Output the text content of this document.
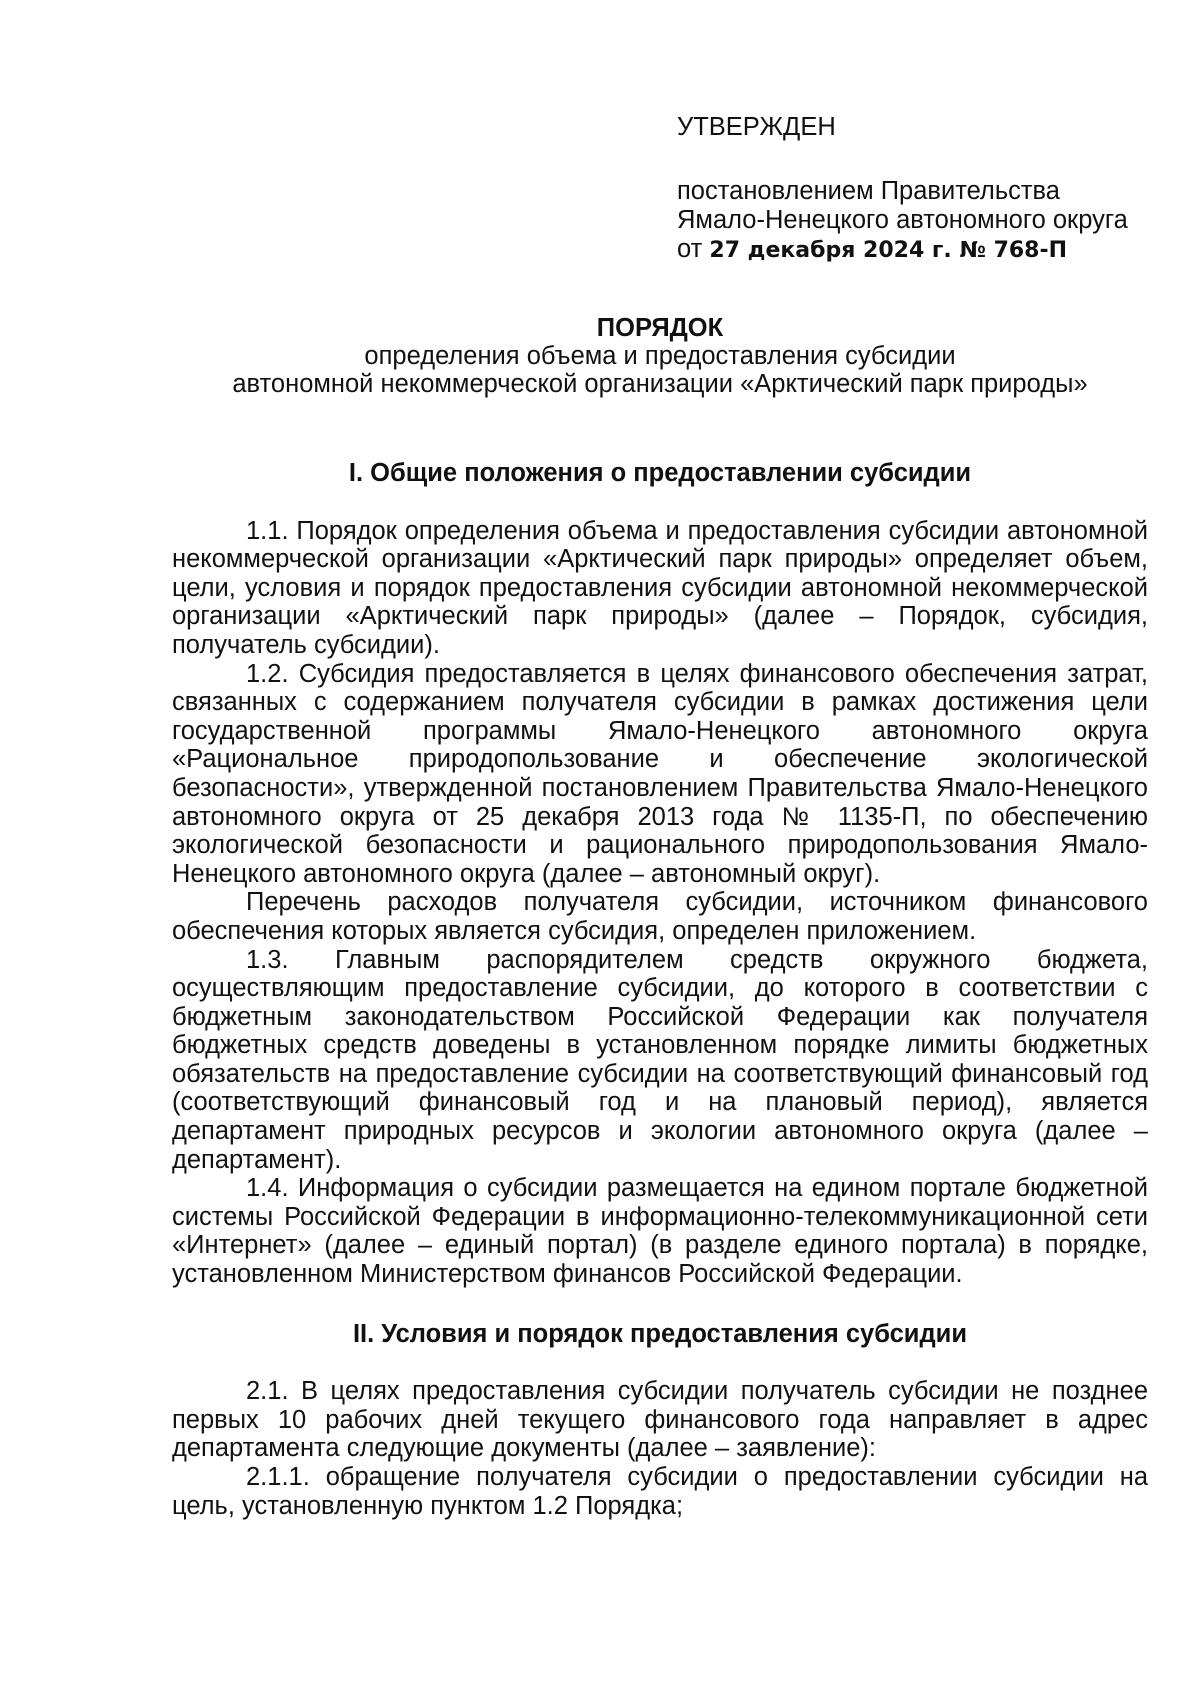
УТВЕРЖДЕН
постановлением Правительства
Ямало-Ненецкого автономного округа
от 27 декабря 2024 г. № 768-П
ПОРЯДОК
определения объема и предоставления субсидии
автономной некоммерческой организации «Арктический парк природы»

I. Общие положения о предоставлении субсидии

1.1. Порядок определения объема и предоставления субсидии автономной некоммерческой организации «Арктический парк природы» определяет объем, цели, условия и порядок предоставления субсидии автономной некоммерческой организации «Арктический парк природы» (далее – Порядок, субсидия, получатель субсидии).

1.2. Субсидия предоставляется в целях финансового обеспечения затрат, связанных с содержанием получателя субсидии в рамках достижения цели государственной программы Ямало-Ненецкого автономного округа «Рациональное природопользование и обеспечение экологической безопасности», утвержденной постановлением Правительства Ямало-Ненецкого автономного округа от 25 декабря 2013 года № 1135-П, по обеспечению экологической безопасности и рационального природопользования Ямало-Ненецкого автономного округа (далее – автономный округ).

Перечень расходов получателя субсидии, источником финансового обеспечения которых является субсидия, определен приложением.

1.3. Главным распорядителем средств окружного бюджета, осуществляющим предоставление субсидии, до которого в соответствии с бюджетным законодательством Российской Федерации как получателя бюджетных средств доведены в установленном порядке лимиты бюджетных обязательств на предоставление субсидии на соответствующий финансовый год (соответствующий финансовый год и на плановый период), является департамент природных ресурсов и экологии автономного округа (далее – департамент).

1.4. Информация о субсидии размещается на едином портале бюджетной системы Российской Федерации в информационно-телекоммуникационной сети «Интернет» (далее – единый портал) (в разделе единого портала) в порядке, установленном Министерством финансов Российской Федерации.

II. Условия и порядок предоставления субсидии

2.1. В целях предоставления субсидии получатель субсидии не позднее первых 10 рабочих дней текущего финансового года направляет в адрес департамента следующие документы (далее – заявление):

2.1.1. обращение получателя субсидии о предоставлении субсидии на цель, установленную пунктом 1.2 Порядка;
